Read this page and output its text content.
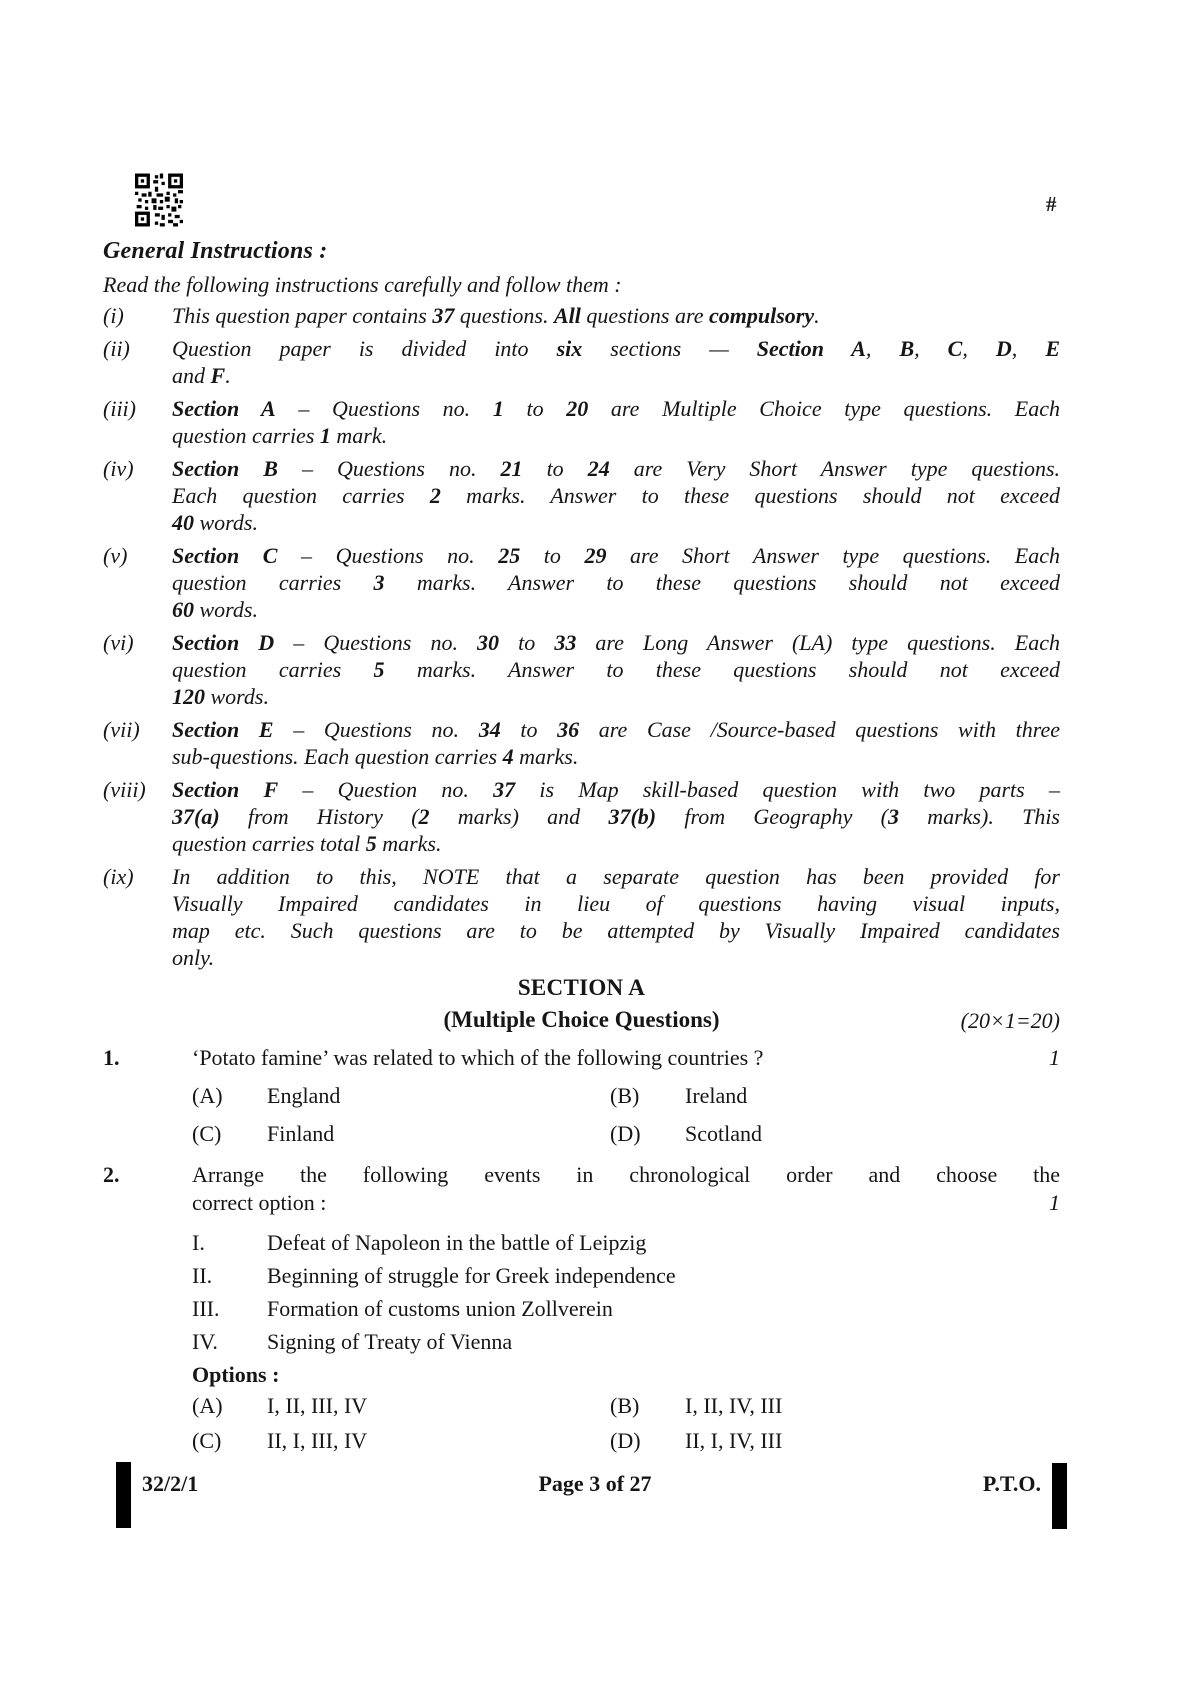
#
General Instructions :
Read the following instructions carefully and follow them :
(i)	This question paper contains 37 questions. All questions are compulsory.
(ii)	Question paper is divided into six sections — Section A, B, C, D, E
and F.
(iii)	Section A – Questions no. 1 to 20 are Multiple Choice type questions. Each
question carries 1 mark.
(iv)	Section B – Questions no. 21 to 24 are Very Short Answer type questions.
Each question carries 2 marks. Answer to these questions should not exceed
40 words.
(v)	Section C – Questions no. 25 to 29 are Short Answer type questions. Each
question carries 3 marks. Answer to these questions should not exceed
60 words.
(vi)	Section D – Questions no. 30 to 33 are Long Answer (LA) type questions. Each
question carries 5 marks. Answer to these questions should not exceed
120 words.
(vii)	Section E – Questions no. 34 to 36 are Case /Source-based questions with three
sub-questions. Each question carries 4 marks.
(viii)	Section F – Question no. 37 is Map skill-based question with two parts –
37(a) from History (2 marks) and 37(b) from Geography (3 marks). This
question carries total 5 marks.
(ix)	In addition to this, NOTE that a separate question has been provided for
Visually Impaired candidates in lieu of questions having visual inputs,
map etc. Such questions are to be attempted by Visually Impaired candidates
only.
SECTION A
(Multiple Choice Questions)	(20×1=20)
1.	‘Potato famine’ was related to which of the following countries ?	1
(A)	England	(B)	Ireland
(C)	Finland	(D)	Scotland
2.	Arrange the following events in chronological order and choose the
correct option :	1
I.	Defeat of Napoleon in the battle of Leipzig
II.	Beginning of struggle for Greek independence
III.	Formation of customs union Zollverein
IV.	Signing of Treaty of Vienna
Options :
(A)	I, II, III, IV	(B)	I, II, IV, III
(C)	II, I, III, IV	(D)	II, I, IV, III
32/2/1	Page 3 of 27	P.T.O.
